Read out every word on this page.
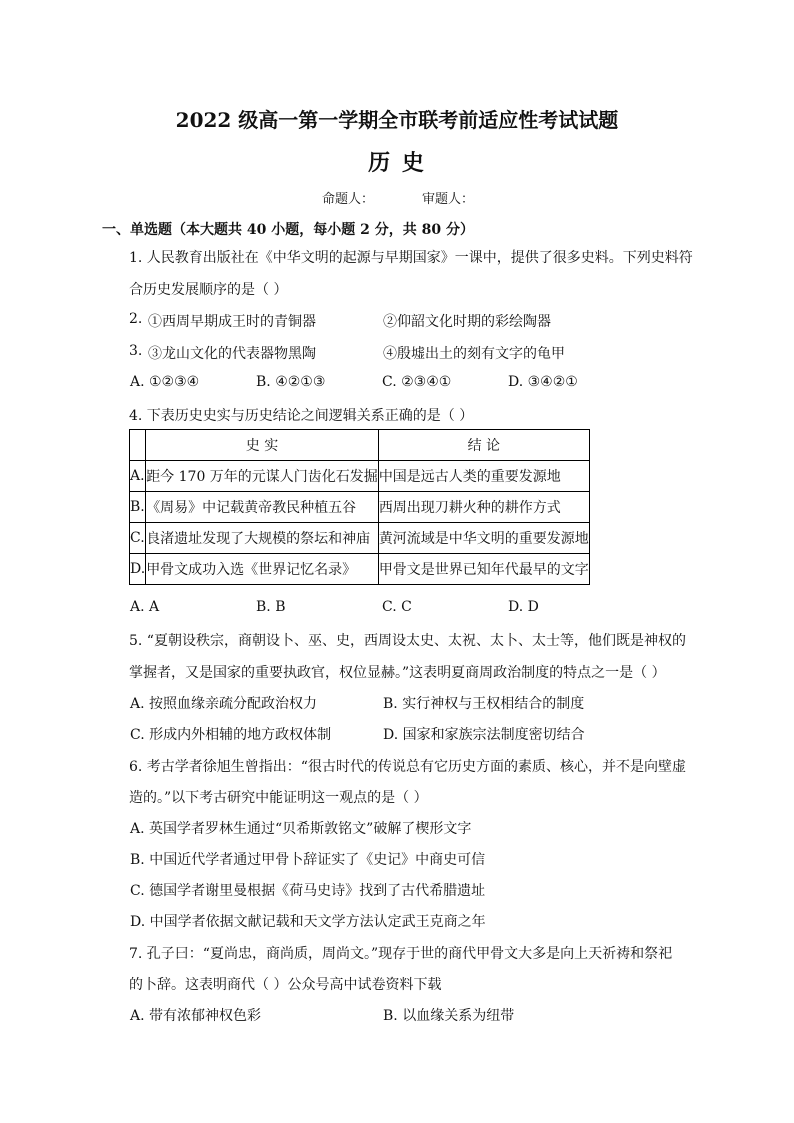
2022 级高一第一学期全市联考前适应性考试试题
历 史
命题人：	审题人：
一、单选题（本大题共 40 小题，每小题 2 分，共 80 分）
1. 人民教育出版社在《中华文明的起源与早期国家》一课中，提供了很多史料。下列史料符
合历史发展顺序的是（ ）
2. ①西周早期成王时的青铜器	②仰韶文化时期的彩绘陶器
3. ③龙山文化的代表器物黑陶	④殷墟出土的刻有文字的龟甲
A. ①②③④	B. ④②①③	C. ②③④①	D. ③④②①
4. 下表历史史实与历史结论之间逻辑关系正确的是（ ）
	史 实	结 论
A.	距今 170 万年的元谋人门齿化石发掘	中国是远古人类的重要发源地
B.	《周易》中记载黄帝教民种植五谷	西周出现刀耕火种的耕作方式
C.	良渚遗址发现了大规模的祭坛和神庙	黄河流域是中华文明的重要发源地
D.	甲骨文成功入选《世界记忆名录》	甲骨文是世界已知年代最早的文字
A. A	B. B	C. C	D. D
5. “夏朝设秩宗，商朝设卜、巫、史，西周设太史、太祝、太卜、太士等，他们既是神权的
掌握者，又是国家的重要执政官，权位显赫。”这表明夏商周政治制度的特点之一是（ ）
A. 按照血缘亲疏分配政治权力	B. 实行神权与王权相结合的制度
C. 形成内外相辅的地方政权体制	D. 国家和家族宗法制度密切结合
6. 考古学者徐旭生曾指出：“很古时代的传说总有它历史方面的素质、核心，并不是向壁虚
造的。”以下考古研究中能证明这一观点的是（ ）
A. 英国学者罗林生通过“贝希斯敦铭文”破解了楔形文字
B. 中国近代学者通过甲骨卜辞证实了《史记》中商史可信
C. 德国学者谢里曼根据《荷马史诗》找到了古代希腊遗址
D. 中国学者依据文献记载和天文学方法认定武王克商之年
7. 孔子曰：“夏尚忠，商尚质，周尚文。”现存于世的商代甲骨文大多是向上天祈祷和祭祀
的卜辞。这表明商代（ ）公众号高中试卷资料下载
A. 带有浓郁神权色彩	B. 以血缘关系为纽带
